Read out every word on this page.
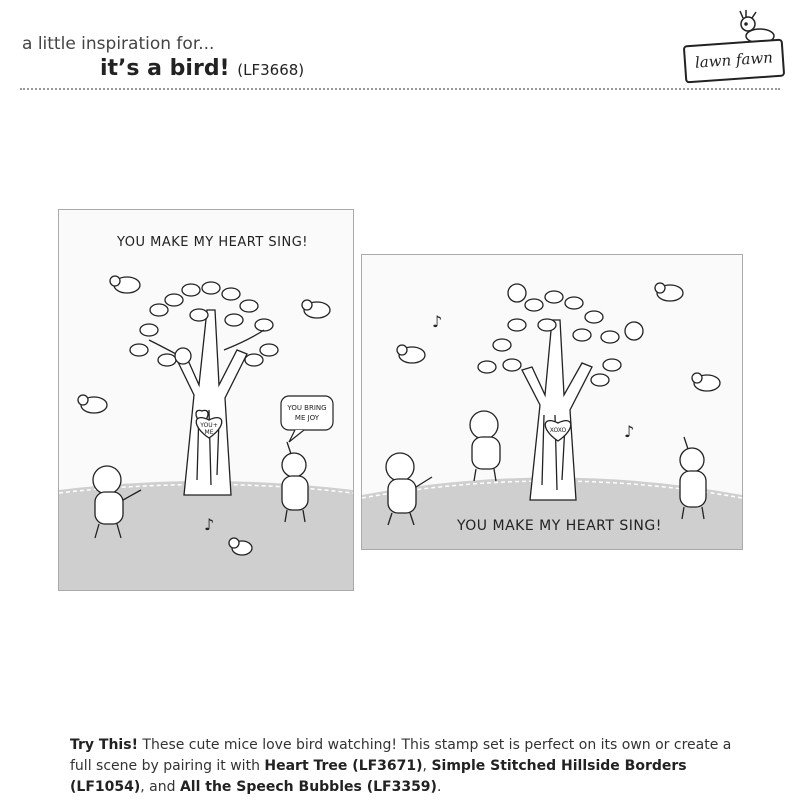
a little inspiration for...
it’s a bird! (LF3668)	lawn fawn
YOU+
ME
♪
YOU BRING
ME JOY
YOU MAKE MY HEART SING!
XOXO
♪
♪
YOU MAKE MY HEART SING!
Try This! These cute mice love bird watching! This stamp set is perfect on its own or create a full scene by pairing it with Heart Tree (LF3671), Simple Stitched Hillside Borders (LF1054), and All the Speech Bubbles (LF3359).
